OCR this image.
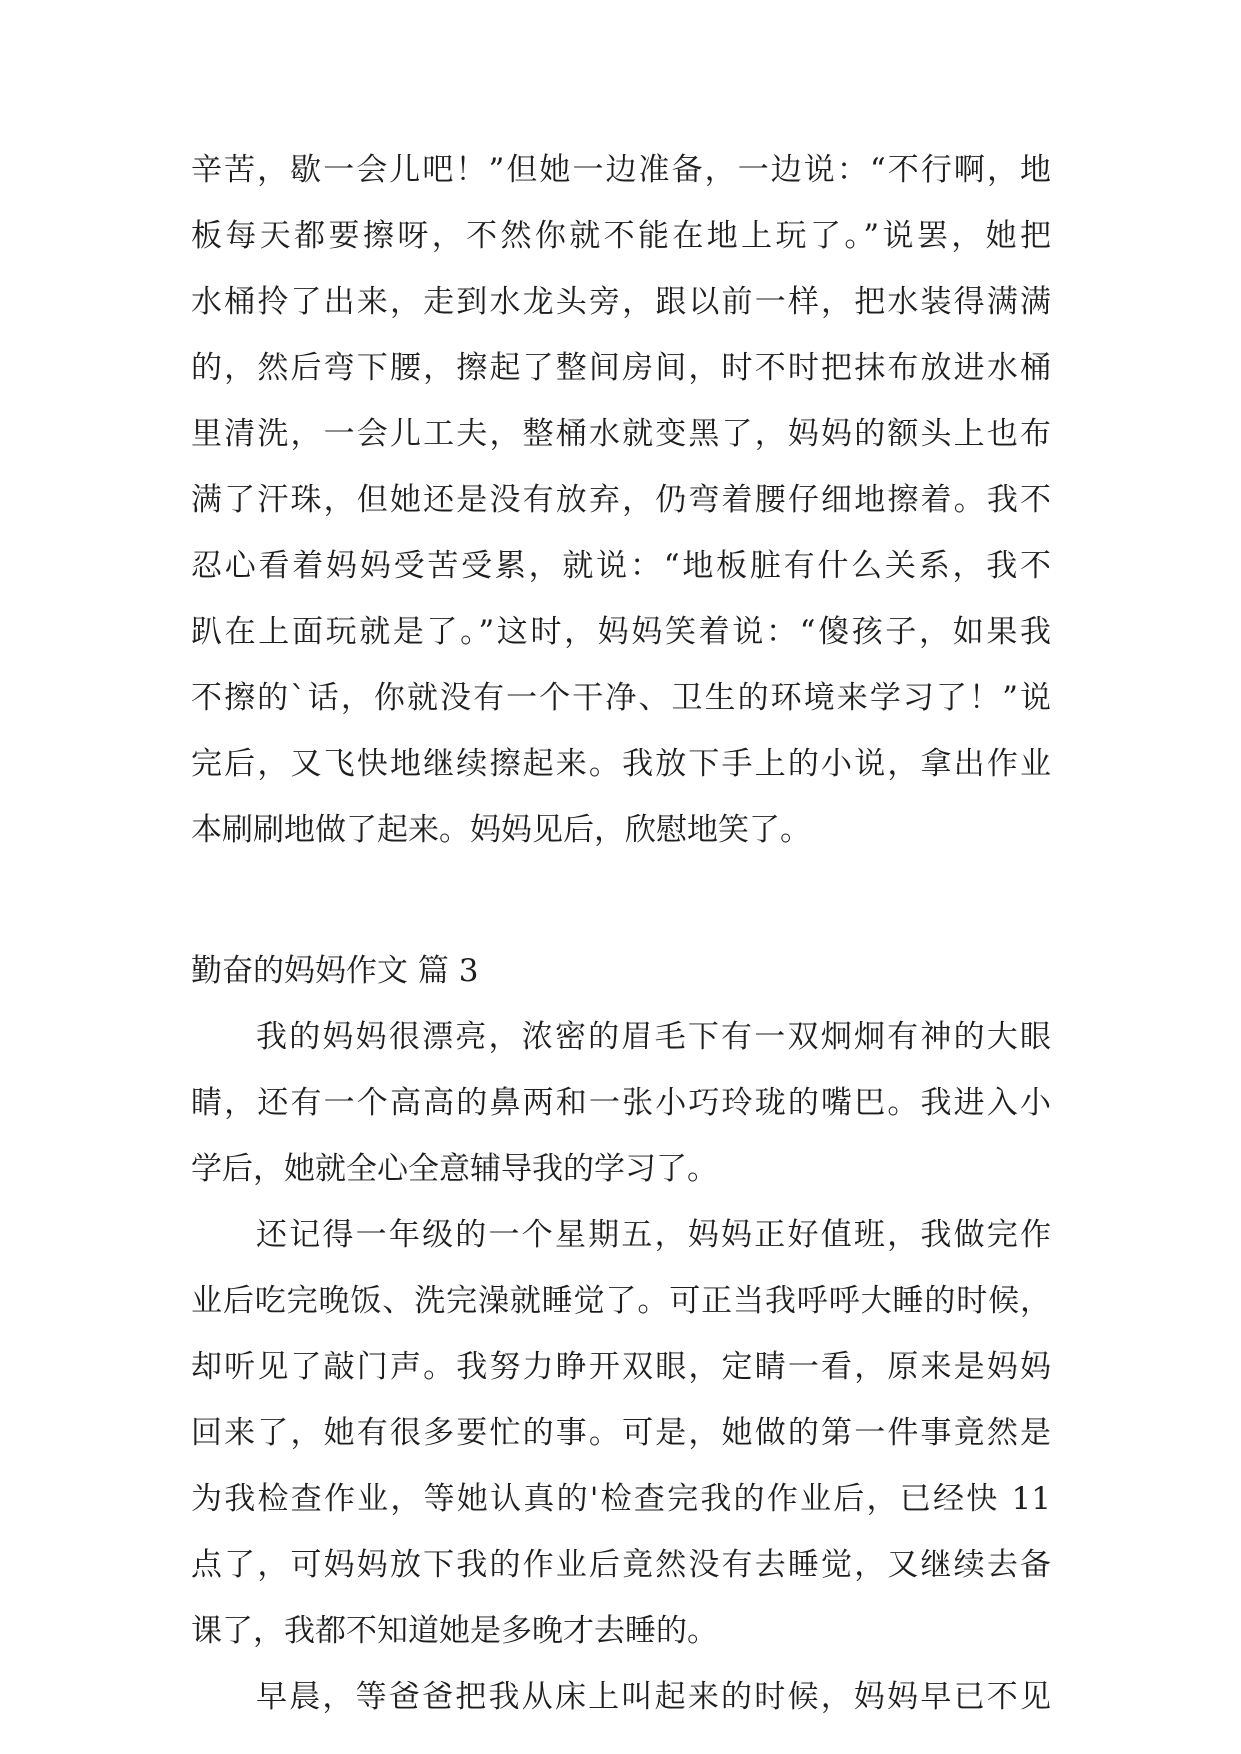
辛苦，歇一会儿吧！”但她一边准备，一边说：“不行啊，地
板每天都要擦呀，不然你就不能在地上玩了。”说罢，她把
水桶拎了出来，走到水龙头旁，跟以前一样，把水装得满满
的，然后弯下腰，擦起了整间房间，时不时把抹布放进水桶
里清洗，一会儿工夫，整桶水就变黑了，妈妈的额头上也布
满了汗珠，但她还是没有放弃，仍弯着腰仔细地擦着。我不
忍心看着妈妈受苦受累，就说：“地板脏有什么关系，我不
趴在上面玩就是了。”这时，妈妈笑着说：“傻孩子，如果我
不擦的`话，你就没有一个干净、卫生的环境来学习了！”说
完后，又飞快地继续擦起来。我放下手上的小说，拿出作业
本刷刷地做了起来。妈妈见后，欣慰地笑了。
勤奋的妈妈作文 篇 3
我的妈妈很漂亮，浓密的眉毛下有一双炯炯有神的大眼
睛，还有一个高高的鼻两和一张小巧玲珑的嘴巴。我进入小
学后，她就全心全意辅导我的学习了。
还记得一年级的一个星期五，妈妈正好值班，我做完作
业后吃完晚饭、洗完澡就睡觉了。可正当我呼呼大睡的时候，
却听见了敲门声。我努力睁开双眼，定睛一看，原来是妈妈
回来了，她有很多要忙的事。可是，她做的第一件事竟然是
为我检查作业，等她认真的'检查完我的作业后，已经快 11
点了，可妈妈放下我的作业后竟然没有去睡觉，又继续去备
课了，我都不知道她是多晚才去睡的。
早晨，等爸爸把我从床上叫起来的时候，妈妈早已不见
